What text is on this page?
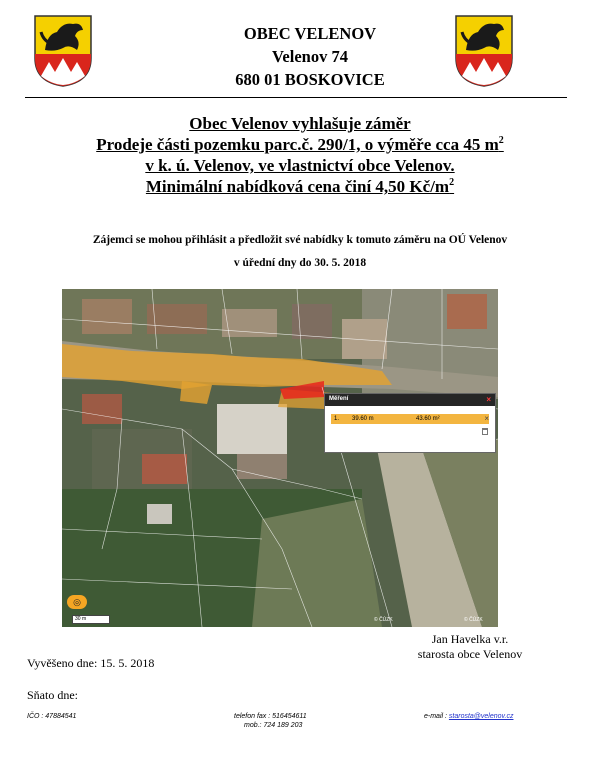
OBEC VELENOV
Velenov 74
680 01 BOSKOVICE
Obec Velenov vyhlašuje záměr
Prodeje části pozemku parc.č. 290/1, o výměře cca 45 $m^2$
v k. ú. Velenov, ve vlastnictví obce Velenov.
Minimální nabídková cena činí 4,50 $Kč/m^2$
Zájemci se mohou přihlásit a předložit své nabídky k tomuto záměru na OÚ Velenov
v úřední dny do 30. 5. 2018
Měření	×
1. 39.60 m	43.60 m²	×
◎
30 m	© ČÚZK	© ČÚZK
Jan Havelka v.r.
starosta obce Velenov
Vyvěšeno dne: 15. 5. 2018
Sňato dne:
IČO : 47884541	telefon fax : 516454611
mob.: 724 189 203
e-mail : starosta@velenov.cz
